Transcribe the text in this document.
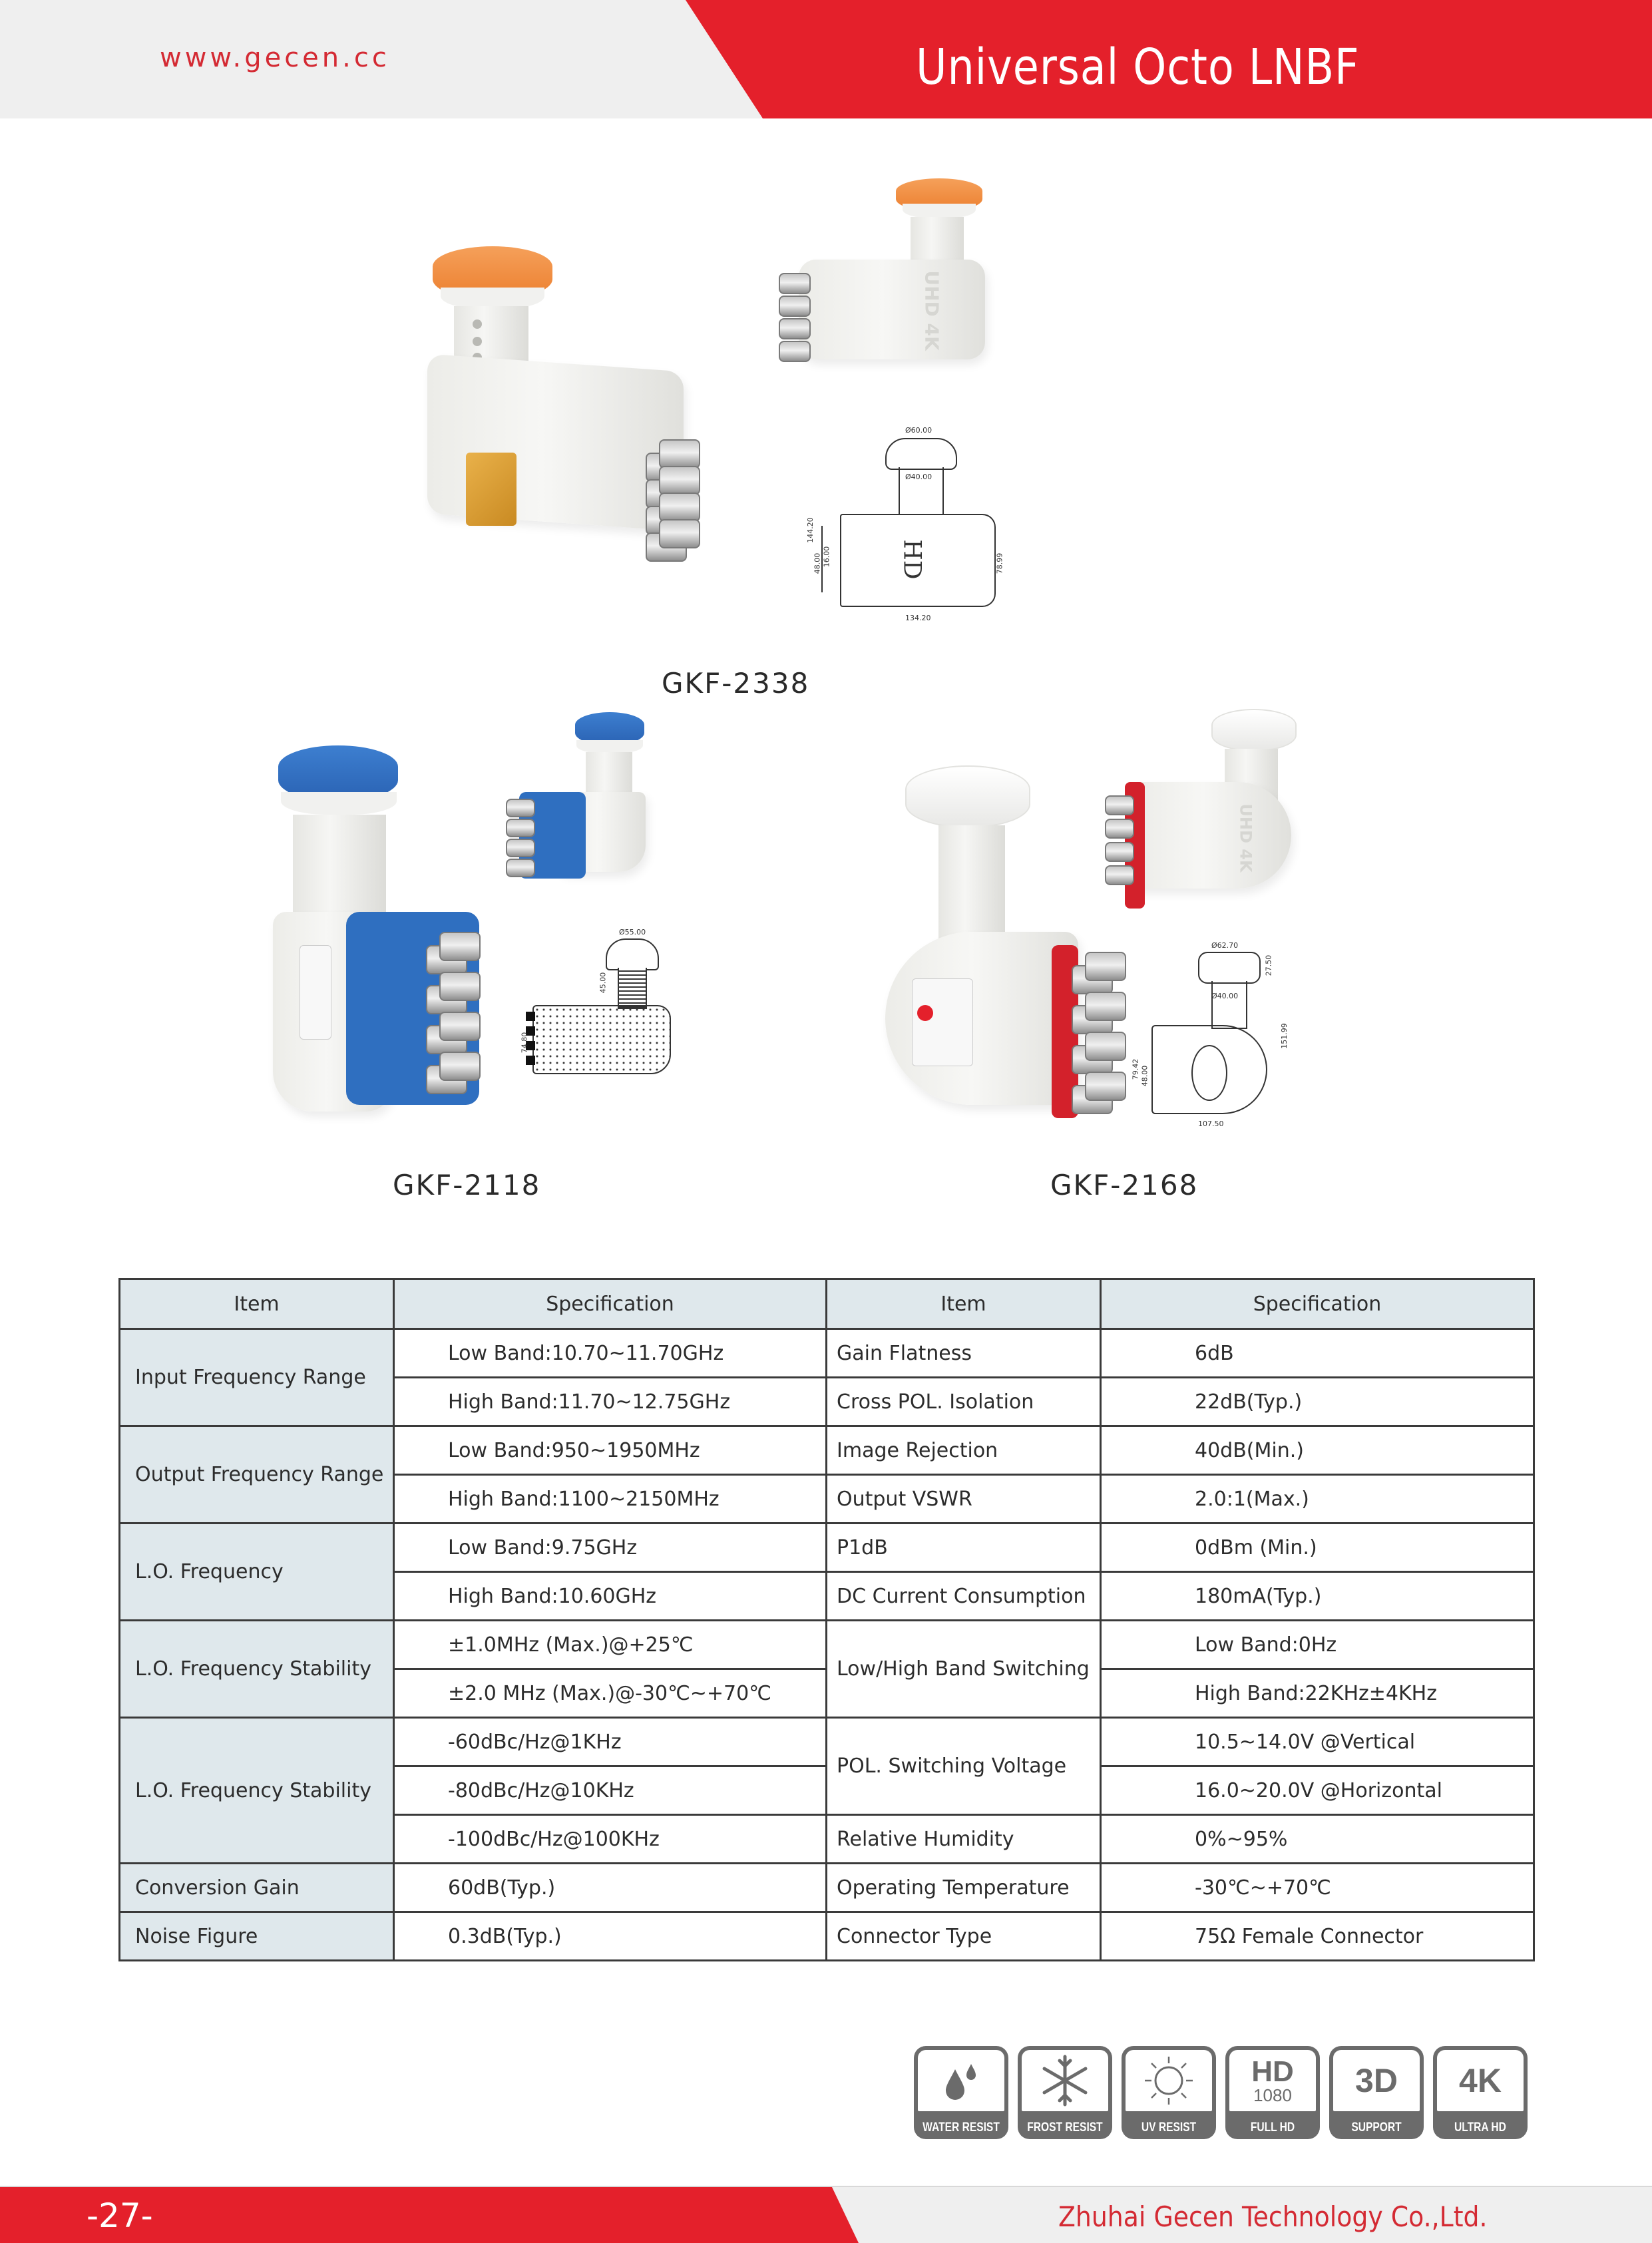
www.gecen.cc	Universal Octo LNBF
UHD 4K
HD
Ø60.00
Ø40.00
144.20
48.00 16.00	78.99
134.20
GKF-2338
Ø55.00
45.00
74.80
GKF-2118
UHD 4K
Ø62.70
27.50
Ø40.00
151.99
79.42 48.00
107.50
GKF-2168
Item	Specification	Item	Specification
Input Frequency Range	Low Band:10.70~11.70GHz	Gain Flatness	6dB
	High Band:11.70~12.75GHz	Cross POL. Isolation	22dB(Typ.)
Output Frequency Range	Low Band:950~1950MHz	Image Rejection	40dB(Min.)
	High Band:1100~2150MHz	Output VSWR	2.0:1(Max.)
L.O. Frequency	Low Band:9.75GHz	P1dB	0dBm (Min.)
	High Band:10.60GHz	DC Current Consumption	180mA(Typ.)
L.O. Frequency Stability	±1.0MHz (Max.)@+25℃	Low/High Band Switching	Low Band:0Hz
	±2.0 MHz (Max.)@-30℃~+70℃		High Band:22KHz±4KHz
L.O. Frequency Stability	-60dBc/Hz@1KHz	POL. Switching Voltage	10.5~14.0V @Vertical
	-80dBc/Hz@10KHz		16.0~20.0V @Horizontal
	-100dBc/Hz@100KHz	Relative Humidity	0%~95%
Conversion Gain	60dB(Typ.)	Operating Temperature	-30℃~+70℃
Noise Figure	0.3dB(Typ.)	Connector Type	75Ω Female Connector
WATER RESIST FROST RESIST	UV RESIST
HD
1080
FULL HD
3D
SUPPORT
4K
ULTRA HD
-27-	Zhuhai Gecen Technology Co.,Ltd.
